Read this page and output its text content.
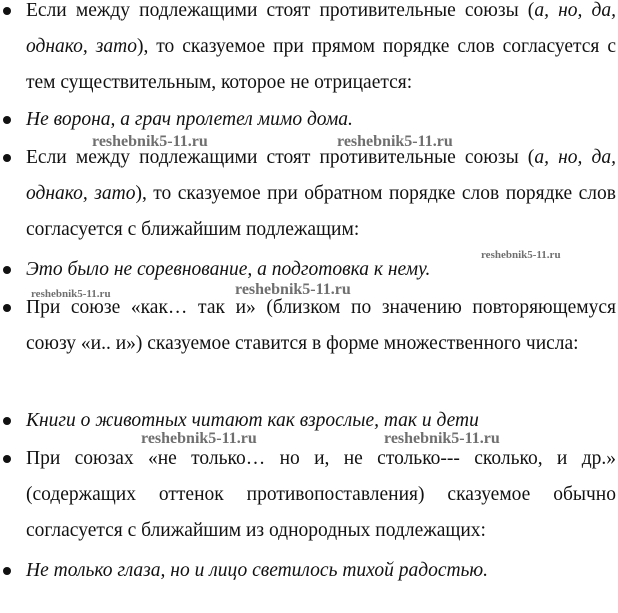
Если между подлежащими стоят противительные союзы (а, но, да, однако, зато), то сказуемое при прямом порядке слов согласуется с тем существительным, которое не отрицается:
Не ворона, а грач пролетел мимо дома.
Если между подлежащими стоят противительные союзы (а, но, да, однако, зато), то сказуемое при обратном порядке слов порядке слов согласуется с ближайшим подлежащим:
Это было не соревнование, а подготовка к нему.
При союзе «как… так и» (близком по значению повторяющемуся союзу «и.. и») сказуемое ставится в форме множественного числа:
Книги о животных читают как взрослые, так и дети
При союзах «не только… но и, не столько--- сколько, и др.» (содержащих оттенок противопоставления) сказуемое обычно согласуется с ближайшим из однородных подлежащих:
Не только глаза, но и лицо светилось тихой радостью.
reshebnik5-11.ru	reshebnik5-11.ru
reshebnik5-11.ru
reshebnik5-11.ru	reshebnik5-11.ru
reshebnik5-11.ru	reshebnik5-11.ru
